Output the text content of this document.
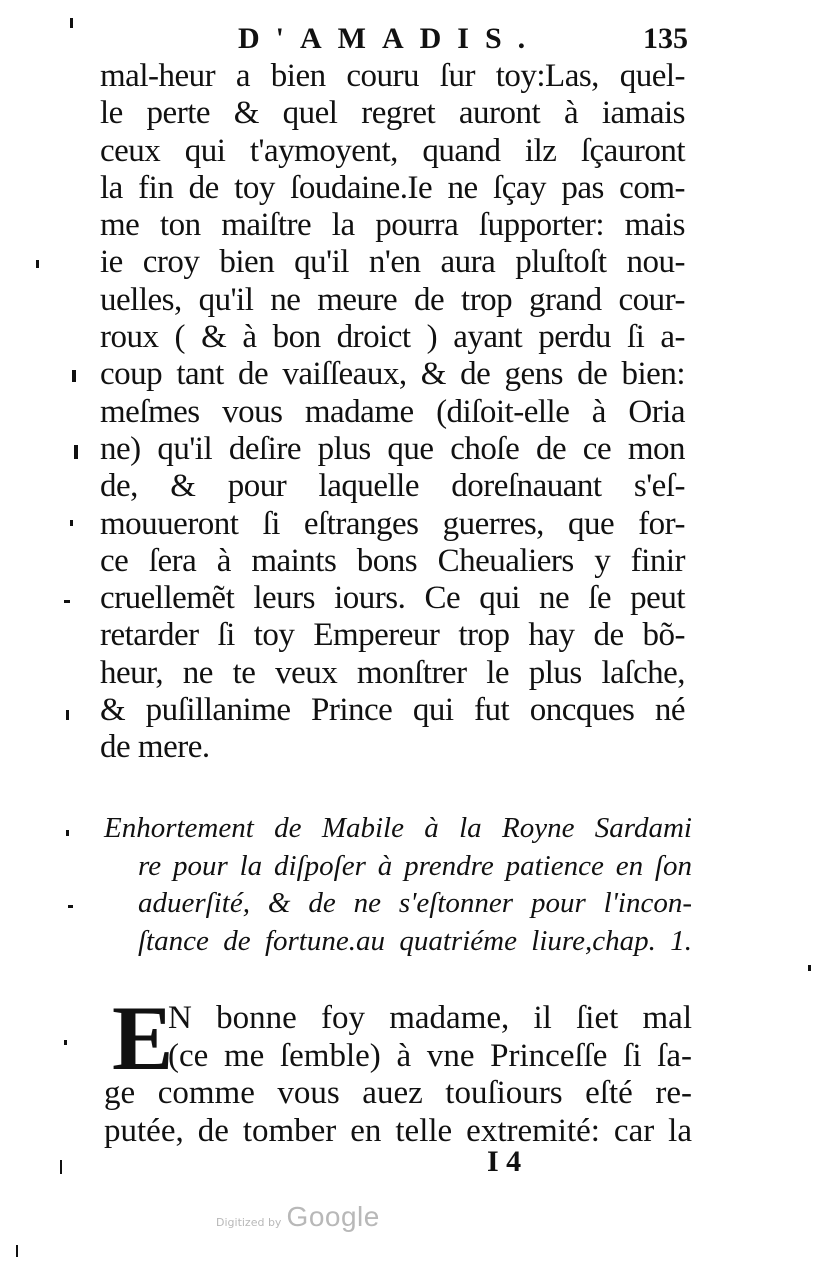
D'AMADIS.	135
mal-heur a bien couru ſur toy:Las, quel-
le perte & quel regret auront à iamais
ceux qui t'aymoyent, quand ilz ſçauront
la fin de toy ſoudaine.Ie ne ſçay pas com-
me ton maiſtre la pourra ſupporter: mais
ie croy bien qu'il n'en aura pluſtoſt nou-
uelles, qu'il ne meure de trop grand cour-
roux ( & à bon droict ) ayant perdu ſi a-
coup tant de vaiſſeaux, & de gens de bien:
meſmes vous madame (diſoit-elle à Oria
ne) qu'il deſire plus que choſe de ce mon
de, & pour laquelle doreſnauant s'eſ-
mouueront ſi eſtranges guerres, que for-
ce ſera à maints bons Cheualiers y finir
cruellemẽt leurs iours. Ce qui ne ſe peut
retarder ſi toy Empereur trop hay de bõ-
heur, ne te veux monſtrer le plus laſche,
& puſillanime Prince qui fut oncques né
de mere.
Enhortement de Mabile à la Royne Sardami
re pour la diſpoſer à prendre patience en ſon
aduerſité, & de ne s'eſtonner pour l'incon-
ſtance de fortune.au quatriéme liure,chap. 1.
E
N bonne foy madame, il ſiet mal
(ce me ſemble) à vne Princeſſe ſi ſa-
ge comme vous auez touſiours eſté re-
putée, de tomber en telle extremité: car la
I 4
Digitized by Google
